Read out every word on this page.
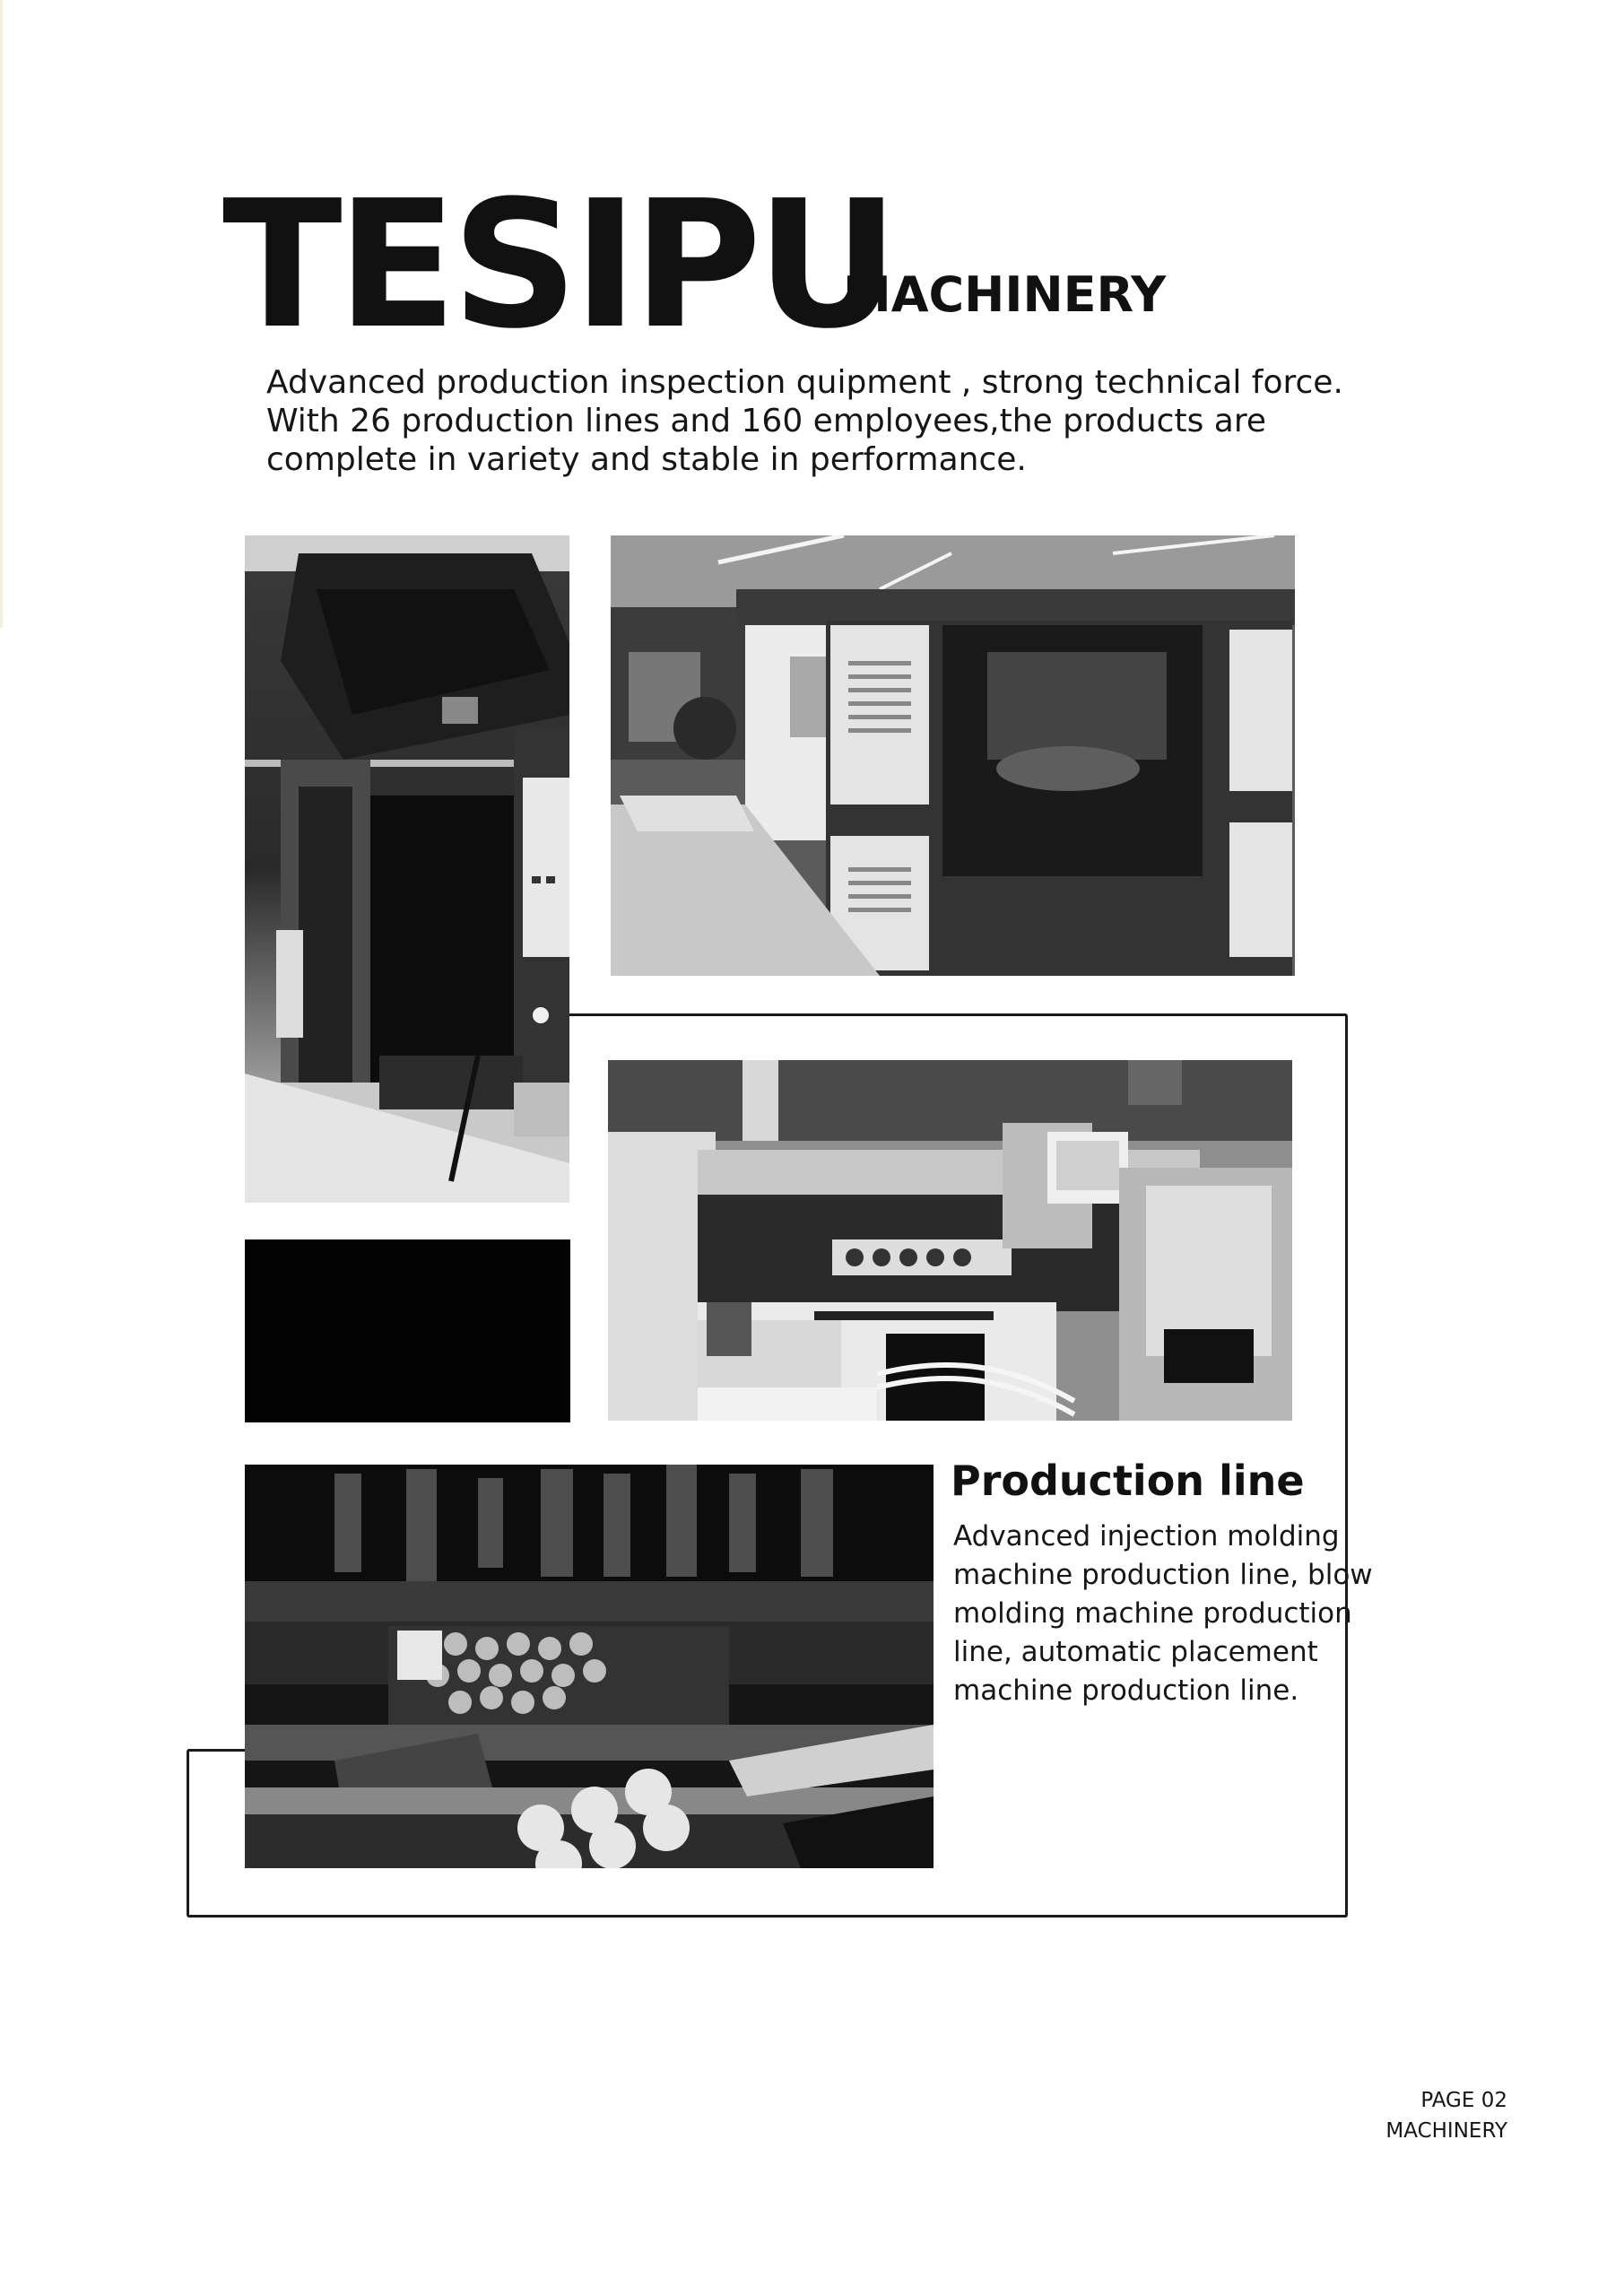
TESIPU
MACHINERY

Advanced production inspection quipment , strong technical force.
With 26 production lines and 160 employees,the products are
complete in variety and stable in performance.

Production line

Advanced injection molding
machine production line, blow
molding machine production
line, automatic placement
machine production line.

PAGE 02
MACHINERY
